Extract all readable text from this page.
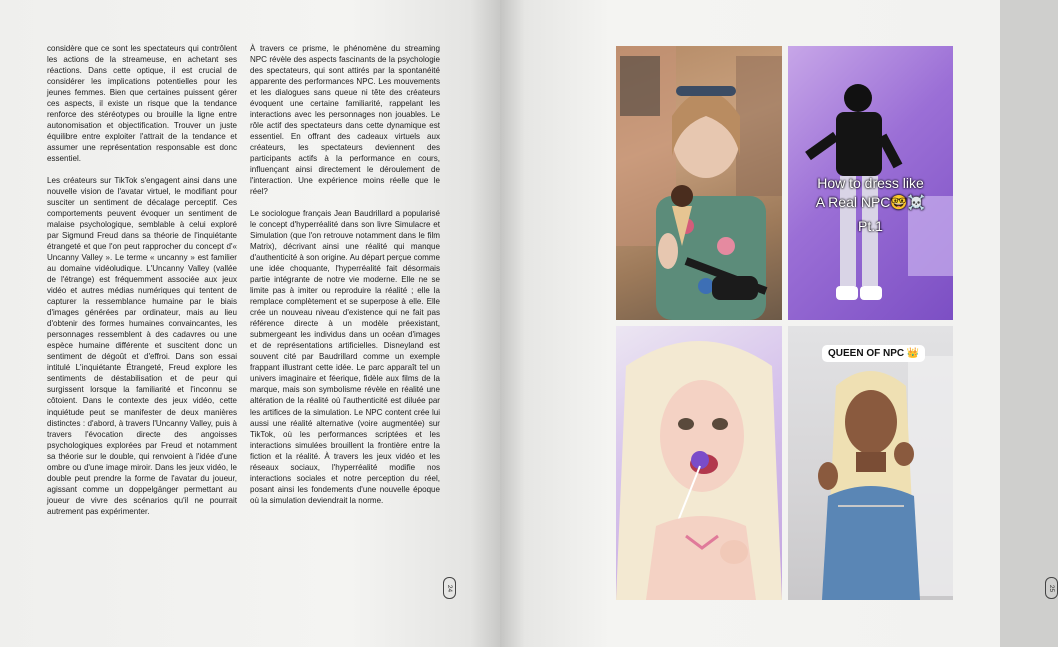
considère que ce sont les spectateurs qui contrôlent les actions de la streameuse, en achetant ses réactions. Dans cette optique, il est crucial de considérer les implications potentielles pour les jeunes femmes. Bien que certaines puissent gérer ces aspects, il existe un risque que la tendance renforce des stéréotypes ou brouille la ligne entre autonomisation et objectification. Trouver un juste équilibre entre exploiter l'attrait de la tendance et assumer une représentation responsable est donc essentiel.

Les créateurs sur TikTok s'engagent ainsi dans une nouvelle vision de l'avatar virtuel, le modifiant pour susciter un sentiment de décalage perceptif. Ces comportements peuvent évoquer un sentiment de malaise psychologique, semblable à celui exploré par Sigmund Freud dans sa théorie de l'inquiétante étrangeté et que l'on peut rapprocher du concept d'« Uncanny Valley ». Le terme « uncanny » est familier au domaine vidéoludique. L'Uncanny Valley (vallée de l'étrange) est fréquemment associée aux jeux vidéo et autres médias numériques qui tentent de capturer la ressemblance humaine par le biais d'images générées par ordinateur, mais au lieu d'obtenir des formes humaines convaincantes, les personnages ressemblent à des cadavres ou une espèce humaine différente et suscitent donc un sentiment de dégoût et d'effroi. Dans son essai intitulé L'inquiétante Étrangeté, Freud explore les sentiments de déstabilisation et de peur qui surgissent lorsque la familiarité et l'inconnu se côtoient. Dans le contexte des jeux vidéo, cette inquiétude peut se manifester de deux manières distinctes : d'abord, à travers l'Uncanny Valley, puis à travers l'évocation directe des angoisses psychologiques explorées par Freud et notamment sa théorie sur le double, qui renvoient à l'idée d'une ombre ou d'une image miroir. Dans les jeux vidéo, le double peut prendre la forme de l'avatar du joueur, agissant comme un doppelgänger permettant au joueur de vivre des scénarios qu'il ne pourrait autrement pas expérimenter.

À travers ce prisme, le phénomène du streaming NPC révèle des aspects fascinants de la psychologie des spectateurs, qui sont attirés par la spontanéité apparente des performances NPC. Les mouvements et les dialogues sans queue ni tête des créateurs évoquent une certaine familiarité, rappelant les interactions avec les personnages non jouables. Le rôle actif des spectateurs dans cette dynamique est essentiel. En offrant des cadeaux virtuels aux créateurs, les spectateurs deviennent des participants actifs à la performance en cours, influençant ainsi directement le déroulement de l'interaction. Une expérience moins réelle que le réel?

Le sociologue français Jean Baudrillard a popularisé le concept d'hyperréalité dans son livre Simulacre et Simulation (que l'on retrouve notamment dans le film Matrix), décrivant ainsi une réalité qui manque d'authenticité à son origine. Au départ perçue comme une idée choquante, l'hyperréalité fait désormais partie intégrante de notre vie moderne. Elle ne se limite pas à imiter ou reproduire la réalité ; elle la remplace complètement et se superpose à elle. Elle crée un nouveau niveau d'existence qui ne fait pas référence directe à un modèle préexistant, submergeant les individus dans un océan d'images et de représentations artificielles. Disneyland est souvent cité par Baudrillard comme un exemple frappant illustrant cette idée. Le parc apparaît tel un univers imaginaire et féerique, fidèle aux films de la marque, mais son symbolisme révèle en réalité une altération de la réalité où l'authenticité est diluée par les artifices de la simulation. Le NPC content crée lui aussi une réalité alternative (voire augmentée) sur TikTok, où les performances scriptées et les interactions simulées brouillent la frontière entre la fiction et la réalité. À travers les jeux vidéo et les réseaux sociaux, l'hyperréalité modifie nos interactions sociales et notre perception du réel, posant ainsi les fondements d'une nouvelle époque où la simulation deviendrait la norme.

24
How to dress like
A Real NPC🤓☠️
Pt.1
QUEEN OF NPC 👑
25
